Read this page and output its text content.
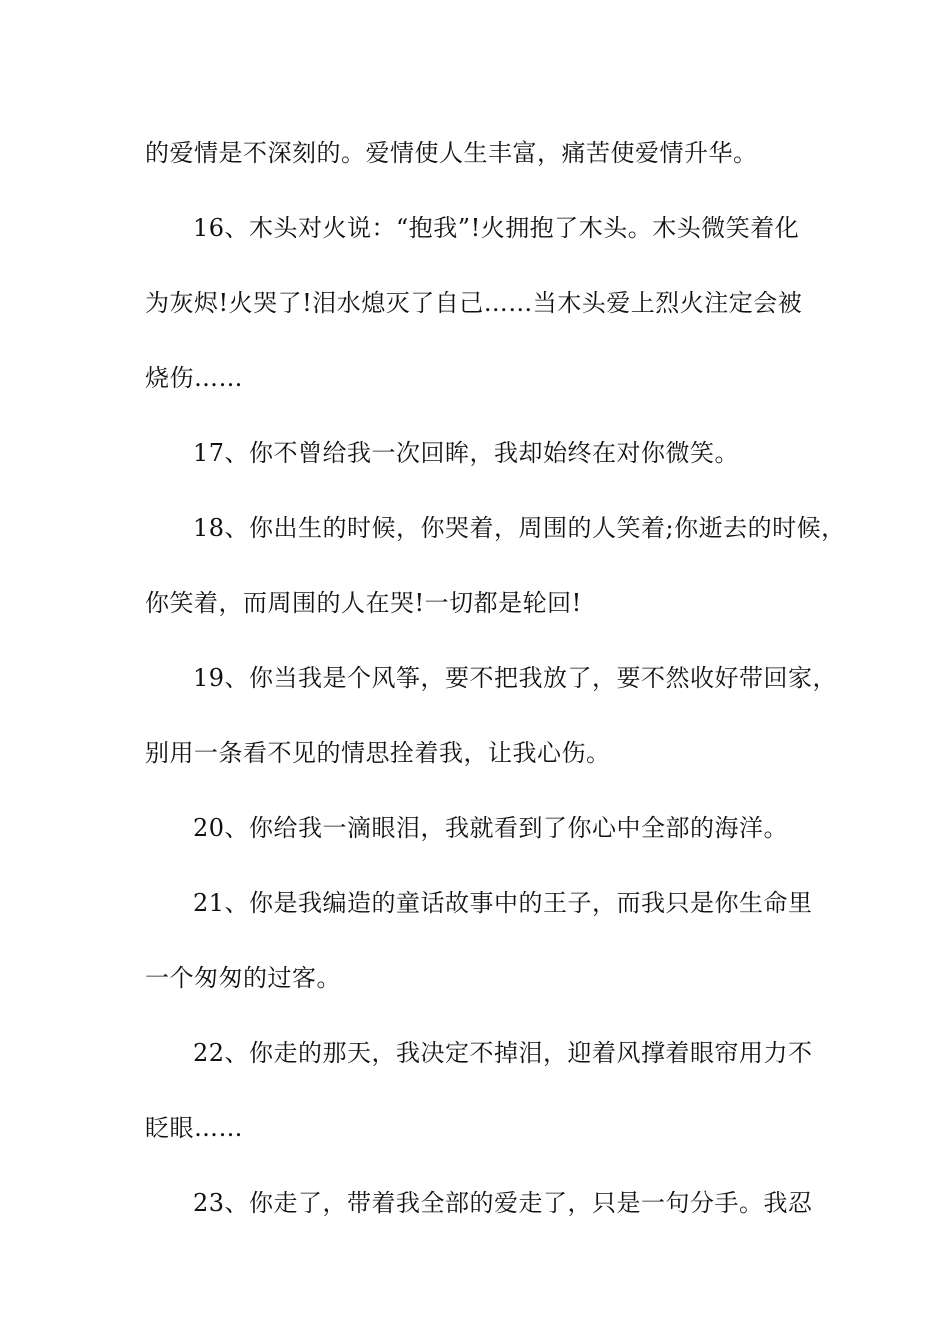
的爱情是不深刻的。爱情使人生丰富，痛苦使爱情升华。
16、木头对火说：“抱我”!火拥抱了木头。木头微笑着化
为灰烬!火哭了!泪水熄灭了自己……当木头爱上烈火注定会被
烧伤……
17、你不曾给我一次回眸，我却始终在对你微笑。
18、你出生的时候，你哭着，周围的人笑着;你逝去的时候，
你笑着，而周围的人在哭!一切都是轮回!
19、你当我是个风筝，要不把我放了，要不然收好带回家，
别用一条看不见的情思拴着我，让我心伤。
20、你给我一滴眼泪，我就看到了你心中全部的海洋。
21、你是我编造的童话故事中的王子，而我只是你生命里
一个匆匆的过客。
22、你走的那天，我决定不掉泪，迎着风撑着眼帘用力不
眨眼……
23、你走了，带着我全部的爱走了，只是一句分手。我忍
